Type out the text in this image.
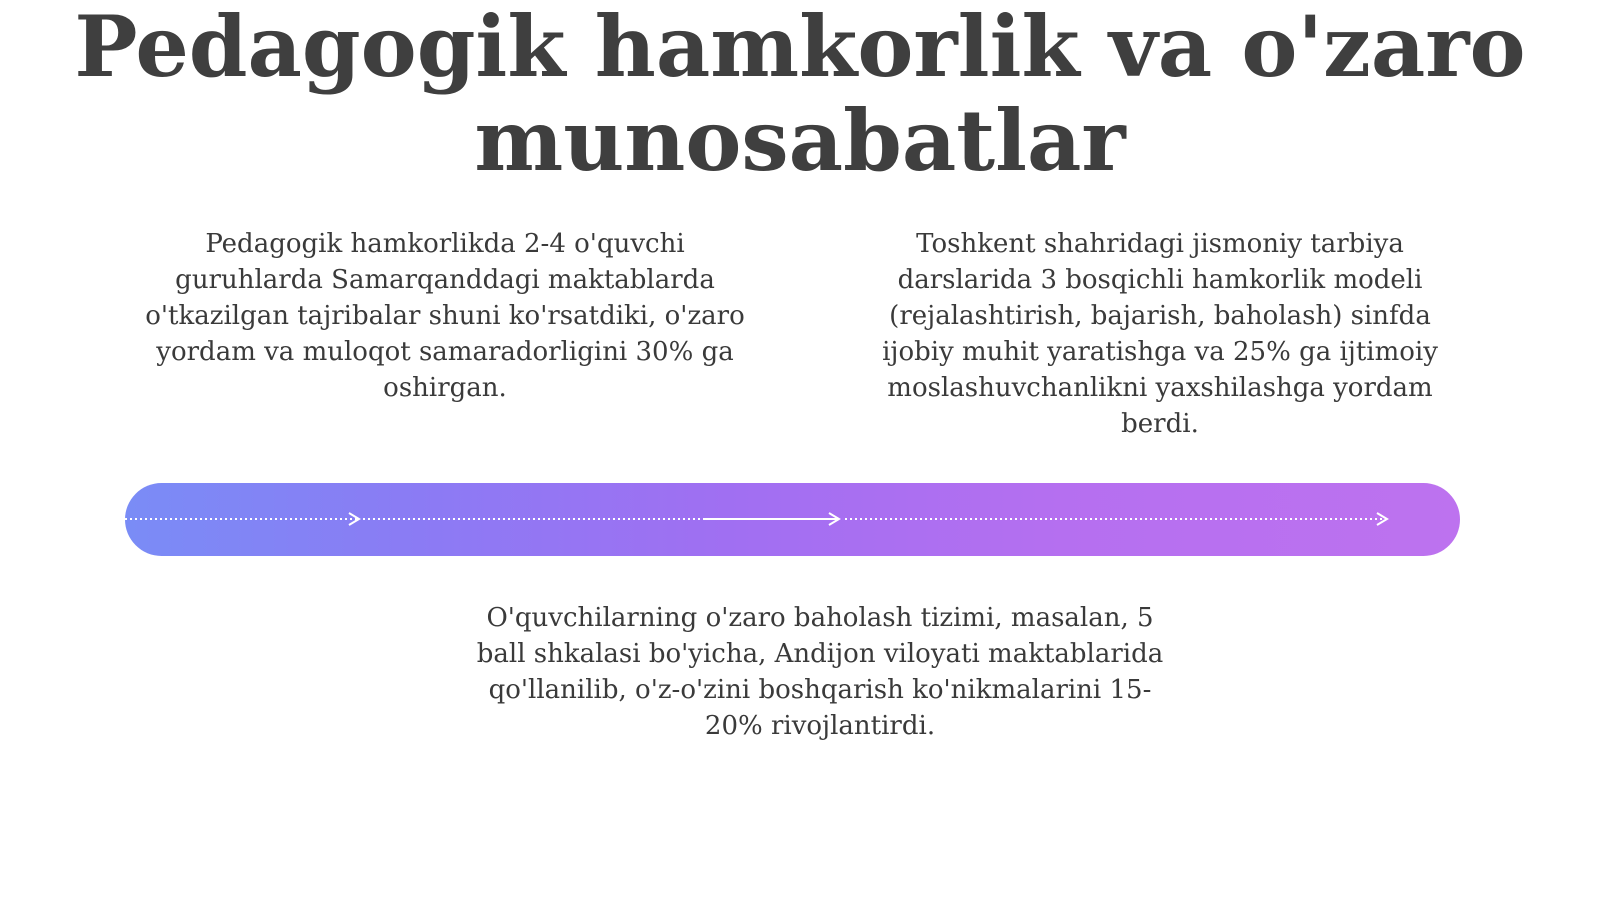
Pedagogik hamkorlik va o'zaro
munosabatlar

Pedagogik hamkorlikda 2-4 o'quvchi guruhlarda Samarqanddagi maktablarda o'tkazilgan tajribalar shuni ko'rsatdiki, o'zaro yordam va muloqot samaradorligini 30% ga oshirgan.

Toshkent shahridagi jismoniy tarbiya darslarida 3 bosqichli hamkorlik modeli (rejalashtirish, bajarish, baholash) sinfda ijobiy muhit yaratishga va 25% ga ijtimoiy moslashuvchanlikni yaxshilashga yordam berdi.

O'quvchilarning o'zaro baholash tizimi, masalan, 5 ball shkalasi bo'yicha, Andijon viloyati maktablarida qo'llanilib, o'z-o'zini boshqarish ko'nikmalarini 15-20% rivojlantirdi.
